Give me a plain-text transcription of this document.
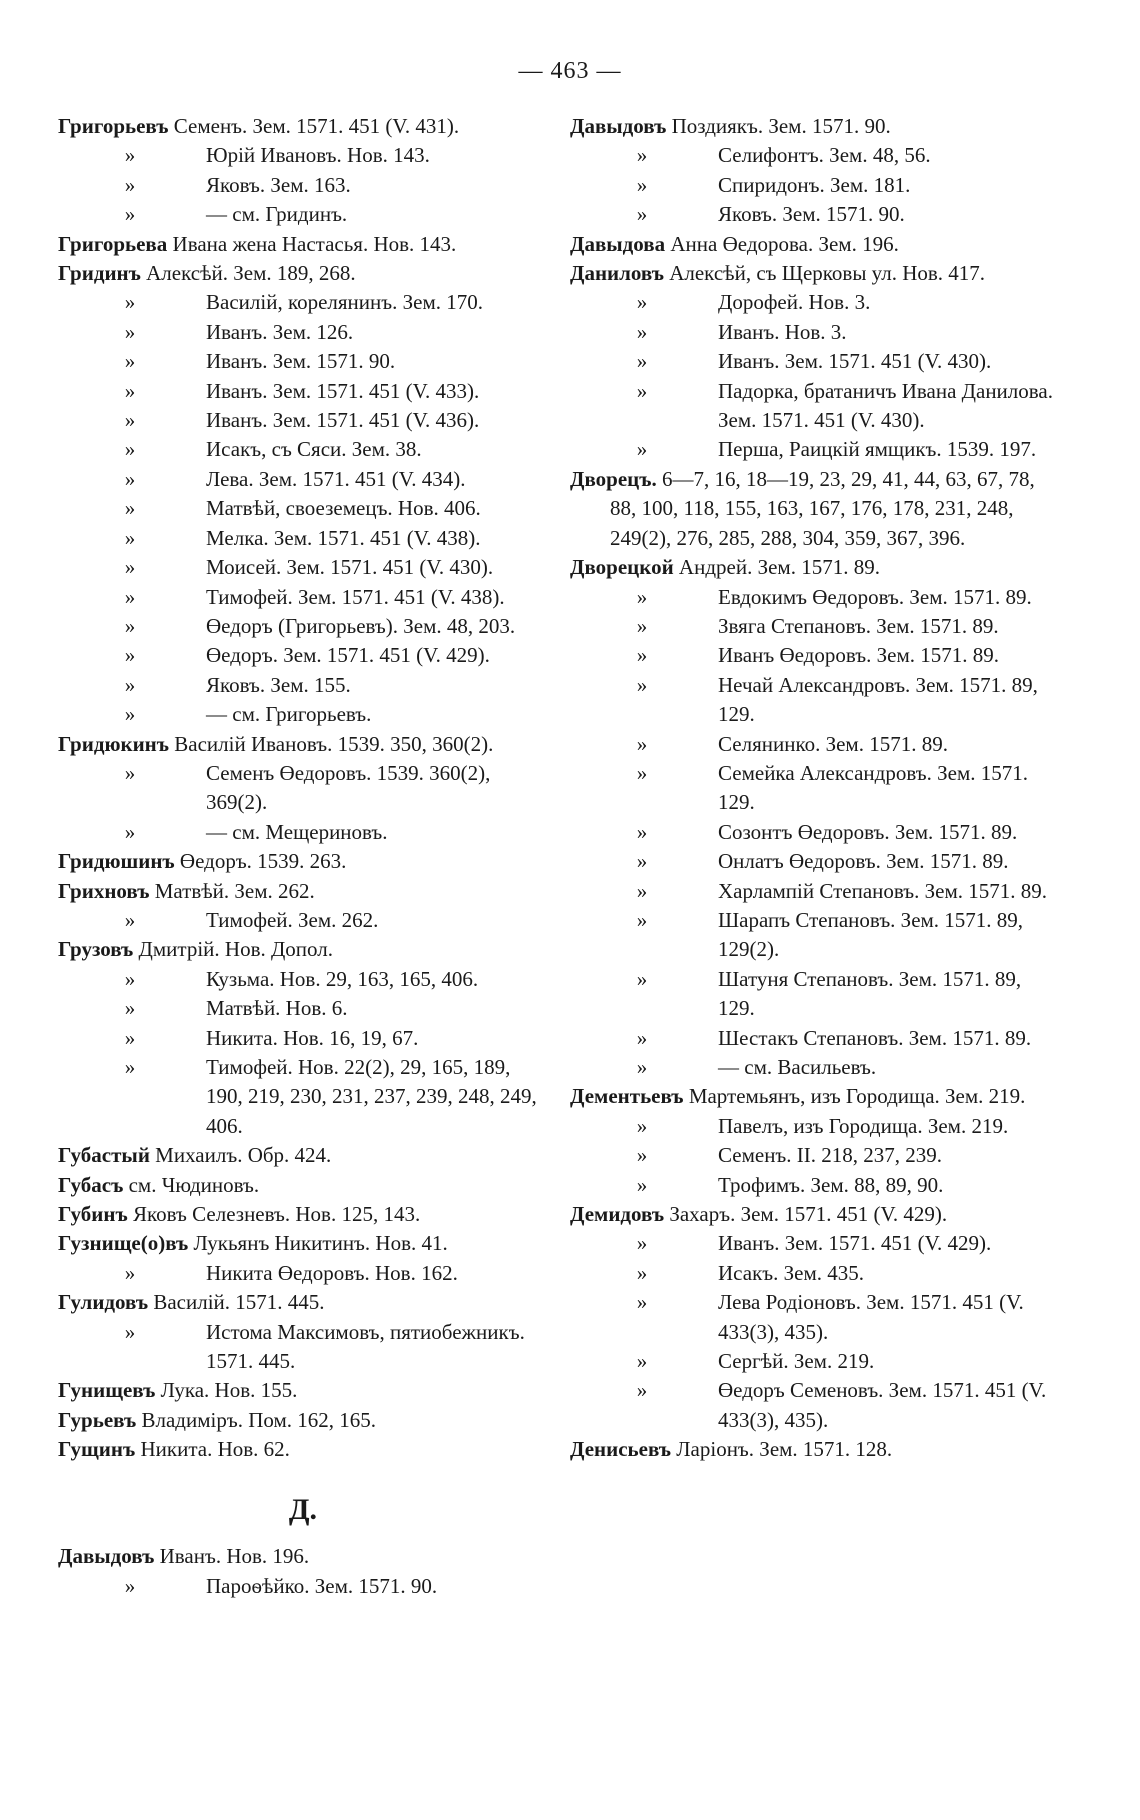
— 463 —
Григорьевъ Семенъ. Зем. 1571. 451 (V. 431).
»	Юрій Ивановъ. Нов. 143.
»	Яковъ. Зем. 163.
»	— см. Гридинъ.
Григорьева Ивана жена Настасья. Нов. 143.
Гридинъ Алексѣй. Зем. 189, 268.
»	Василій, корелянинъ. Зем. 170.
»	Иванъ. Зем. 126.
»	Иванъ. Зем. 1571. 90.
»	Иванъ. Зем. 1571. 451 (V. 433).
»	Иванъ. Зем. 1571. 451 (V. 436).
»	Исакъ, съ Сяси. Зем. 38.
»	Лева. Зем. 1571. 451 (V. 434).
»	Матвѣй, своеземецъ. Нов. 406.
»	Мелка. Зем. 1571. 451 (V. 438).
»	Моисей. Зем. 1571. 451 (V. 430).
»	Тимофей. Зем. 1571. 451 (V. 438).
»	Өедоръ (Григорьевъ). Зем. 48, 203.
»	Өедоръ. Зем. 1571. 451 (V. 429).
»	Яковъ. Зем. 155.
»	— см. Григорьевъ.
Гридюкинъ Василій Ивановъ. 1539. 350, 360(2).
»	Семенъ Өедоровъ. 1539. 360(2), 369(2).
»	— см. Мещериновъ.
Гридюшинъ Өедоръ. 1539. 263.
Грихновъ Матвѣй. Зем. 262.
»	Тимофей. Зем. 262.
Грузовъ Дмитрій. Нов. Допол.
»	Кузьма. Нов. 29, 163, 165, 406.
»	Матвѣй. Нов. 6.
»	Никита. Нов. 16, 19, 67.
»	Тимофей. Нов. 22(2), 29, 165, 189, 190, 219, 230, 231, 237, 239, 248, 249, 406.
Губастый Михаилъ. Обр. 424.
Губасъ см. Чюдиновъ.
Губинъ Яковъ Селезневъ. Нов. 125, 143.
Гузнище(о)въ Лукьянъ Никитинъ. Нов. 41.
»	Никита Өедоровъ. Нов. 162.
Гулидовъ Василій. 1571. 445.
»	Истома Максимовъ, пятиобежникъ. 1571. 445.
Гунищевъ Лука. Нов. 155.
Гурьевъ Владиміръ. Пом. 162, 165.
Гущинъ Никита. Нов. 62.
Д.
Давыдовъ Иванъ. Нов. 196.
»	Пароѳѣйко. Зем. 1571. 90.
Давыдовъ Поздиякъ. Зем. 1571. 90.
»	Селифонтъ. Зем. 48, 56.
»	Спиридонъ. Зем. 181.
»	Яковъ. Зем. 1571. 90.
Давыдова Анна Өедорова. Зем. 196.
Даниловъ Алексѣй, съ Щерковы ул. Нов. 417.
»	Дорофей. Нов. 3.
»	Иванъ. Нов. 3.
»	Иванъ. Зем. 1571. 451 (V. 430).
»	Падорка, братаничъ Ивана Данилова. Зем. 1571. 451 (V. 430).
»	Перша, Раицкій ямщикъ. 1539. 197.
Дворецъ. 6—7, 16, 18—19, 23, 29, 41, 44, 63, 67, 78, 88, 100, 118, 155, 163, 167, 176, 178, 231, 248, 249(2), 276, 285, 288, 304, 359, 367, 396.
Дворецкой Андрей. Зем. 1571. 89.
»	Евдокимъ Өедоровъ. Зем. 1571. 89.
»	Звяга Степановъ. Зем. 1571. 89.
»	Иванъ Өедоровъ. Зем. 1571. 89.
»	Нечай Александровъ. Зем. 1571. 89, 129.
»	Селянинко. Зем. 1571. 89.
»	Семейка Александровъ. Зем. 1571. 129.
»	Созонтъ Өедоровъ. Зем. 1571. 89.
»	Онлатъ Өедоровъ. Зем. 1571. 89.
»	Харлампій Степановъ. Зем. 1571. 89.
»	Шарапъ Степановъ. Зем. 1571. 89, 129(2).
»	Шатуня Степановъ. Зем. 1571. 89, 129.
»	Шестакъ Степановъ. Зем. 1571. 89.
»	— см. Васильевъ.
Дементьевъ Мартемьянъ, изъ Городища. Зем. 219.
»	Павелъ, изъ Городища. Зем. 219.
»	Семенъ. II. 218, 237, 239.
»	Трофимъ. Зем. 88, 89, 90.
Демидовъ Захаръ. Зем. 1571. 451 (V. 429).
»	Иванъ. Зем. 1571. 451 (V. 429).
»	Исакъ. Зем. 435.
»	Лева Родіоновъ. Зем. 1571. 451 (V. 433(3), 435).
»	Сергѣй. Зем. 219.
»	Өедоръ Семеновъ. Зем. 1571. 451 (V. 433(3), 435).
Денисьевъ Ларіонъ. Зем. 1571. 128.
